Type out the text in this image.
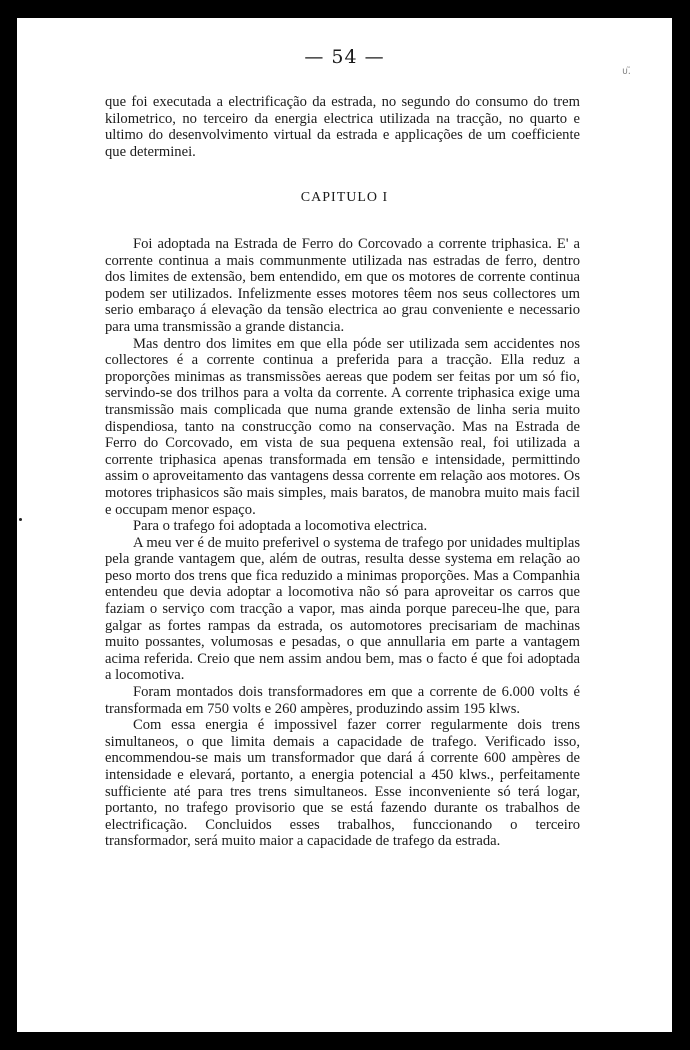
— 54 —
ᴜ.̃

que foi executada a electrificação da estrada, no segundo do consumo do trem kilometrico, no terceiro da energia electrica utilizada na tracção, no quarto e ultimo do desenvolvimento virtual da estrada e applicações de um coefficiente que determinei.

CAPITULO I

Foi adoptada na Estrada de Ferro do Corcovado a corrente triphasica. E' a corrente continua a mais communmente utilizada nas estradas de ferro, dentro dos limites de extensão, bem entendido, em que os motores de corrente continua podem ser utilizados. Infelizmente esses motores têem nos seus collectores um serio embaraço á elevação da tensão electrica ao grau conveniente e necessario para uma transmissão a grande distancia.

Mas dentro dos limites em que ella póde ser utilizada sem accidentes nos collectores é a corrente continua a preferida para a tracção. Ella reduz a proporções minimas as transmissões aereas que podem ser feitas por um só fio, servindo-se dos trilhos para a volta da corrente. A corrente triphasica exige uma transmissão mais complicada que numa grande extensão de linha seria muito dispendiosa, tanto na construcção como na conservação. Mas na Estrada de Ferro do Corcovado, em vista de sua pequena extensão real, foi utilizada a corrente triphasica apenas transformada em tensão e intensidade, permittindo assim o aproveitamento das vantagens dessa corrente em relação aos motores. Os motores triphasicos são mais simples, mais baratos, de manobra muito mais facil e occupam menor espaço.

Para o trafego foi adoptada a locomotiva electrica.

A meu ver é de muito preferivel o systema de trafego por unidades multiplas pela grande vantagem que, além de outras, resulta desse systema em relação ao peso morto dos trens que fica reduzido a minimas proporções. Mas a Companhia entendeu que devia adoptar a locomotiva não só para aproveitar os carros que faziam o serviço com tracção a vapor, mas ainda porque pareceu-lhe que, para galgar as fortes rampas da estrada, os automotores precisariam de machinas muito possantes, volumosas e pesadas, o que annullaria em parte a vantagem acima referida. Creio que nem assim andou bem, mas o facto é que foi adoptada a locomotiva.

Foram montados dois transformadores em que a corrente de 6.000 volts é transformada em 750 volts e 260 ampères, produzindo assim 195 klws.

Com essa energia é impossivel fazer correr regularmente dois trens simultaneos, o que limita demais a capacidade de trafego. Verificado isso, encommendou-se mais um transformador que dará á corrente 600 ampères de intensidade e elevará, portanto, a energia potencial a 450 klws., perfeitamente sufficiente até para tres trens simultaneos. Esse inconveniente só terá logar, portanto, no trafego provisorio que se está fazendo durante os trabalhos de electrificação. Concluidos esses trabalhos, funccionando o terceiro transformador, será muito maior a capacidade de trafego da estrada.
